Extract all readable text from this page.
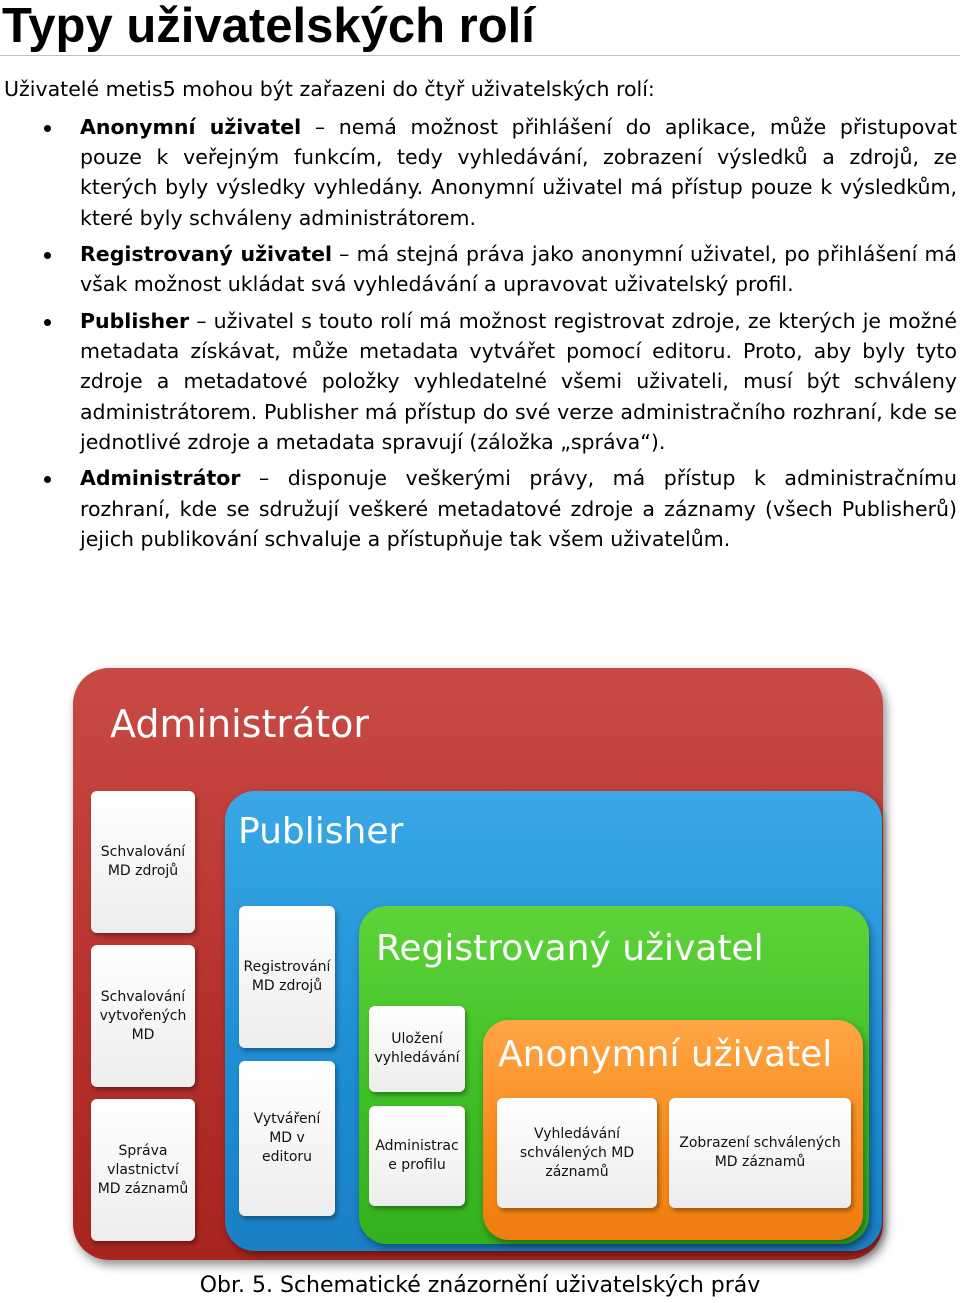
Typy uživatelských rolí
Uživatelé metis5 mohou být zařazeni do čtyř uživatelských rolí:
Anonymní uživatel – nemá možnost přihlášení do aplikace, může přistupovat pouze k veřejným funkcím, tedy vyhledávání, zobrazení výsledků a zdrojů, ze kterých byly výsledky vyhledány. Anonymní uživatel má přístup pouze k výsledkům, které byly schváleny administrátorem.
Registrovaný uživatel – má stejná práva jako anonymní uživatel, po přihlášení má však možnost ukládat svá vyhledávání a upravovat uživatelský profil.
Publisher – uživatel s touto rolí má možnost registrovat zdroje, ze kterých je možné metadata získávat, může metadata vytvářet pomocí editoru. Proto, aby byly tyto zdroje a metadatové položky vyhledatelné všemi uživateli, musí být schváleny administrátorem. Publisher má přístup do své verze administračního rozhraní, kde se jednotlivé zdroje a metadata spravují (záložka „správa“).
Administrátor – disponuje veškerými právy, má přístup k administračnímu rozhraní, kde se sdružují veškeré metadatové zdroje a záznamy (všech Publisherů) jejich publikování schvaluje a přístupňuje tak všem uživatelům.
Administrátor
Schvalování
MD zdrojů
Schvalování
vytvořených
MD
Správa
vlastnictví
MD záznamů
Publisher
Registrování
MD zdrojů
Vytváření
MD v
editoru
Registrovaný uživatel
Uložení
vyhledávání
Administrac
e profilu
Anonymní uživatel
Vyhledávání
schválených MD
záznamů
Zobrazení schválených
MD záznamů
Obr. 5. Schematické znázornění uživatelských práv
